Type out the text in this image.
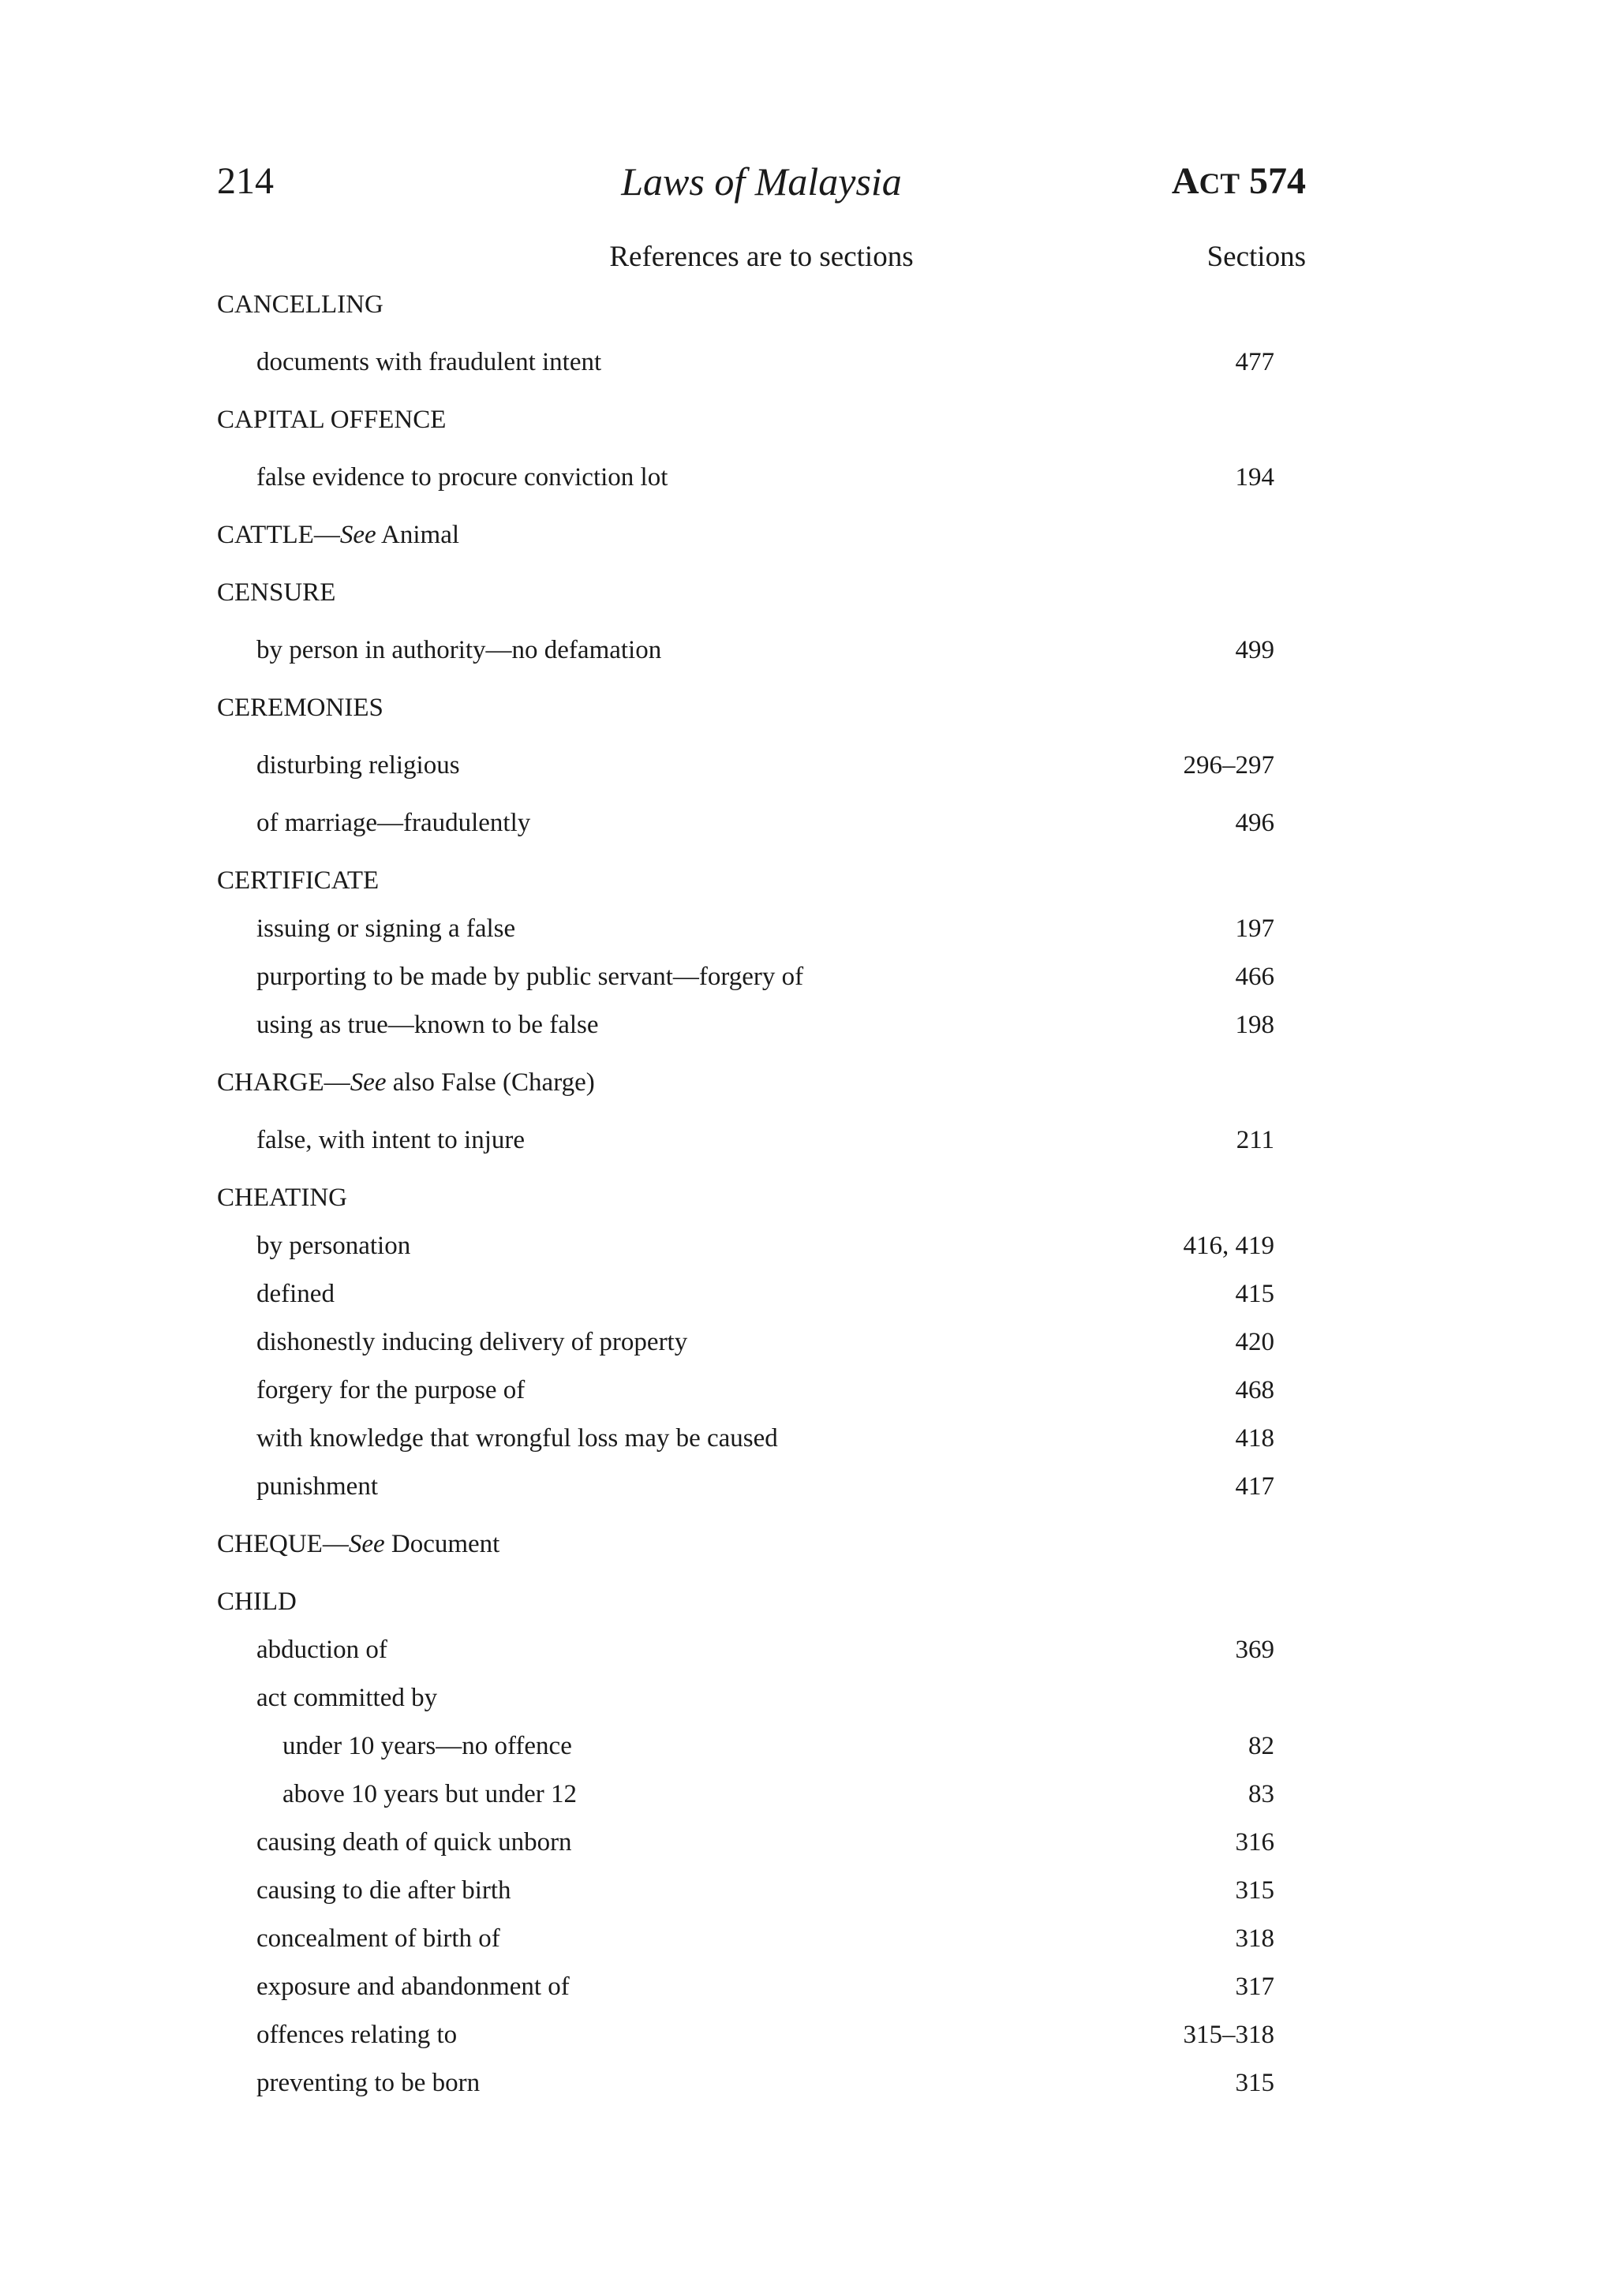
214	Laws of Malaysia	ACT 574
References are to sections	Sections
CANCELLING
documents with fraudulent intent	477
CAPITAL OFFENCE
false evidence to procure conviction lot	194
CATTLE—See Animal
CENSURE
by person in authority—no defamation	499
CEREMONIES
disturbing religious	296–297
of marriage—fraudulently	496
CERTIFICATE
issuing or signing a false	197
purporting to be made by public servant—forgery of	466
using as true—known to be false	198
CHARGE—See also False (Charge)
false, with intent to injure	211
CHEATING
by personation	416, 419
defined	415
dishonestly inducing delivery of property	420
forgery for the purpose of	468
with knowledge that wrongful loss may be caused	418
punishment	417
CHEQUE—See Document
CHILD
abduction of	369
act committed by
under 10 years—no offence	82
above 10 years but under 12	83
causing death of quick unborn	316
causing to die after birth	315
concealment of birth of	318
exposure and abandonment of	317
offences relating to	315–318
preventing to be born	315
